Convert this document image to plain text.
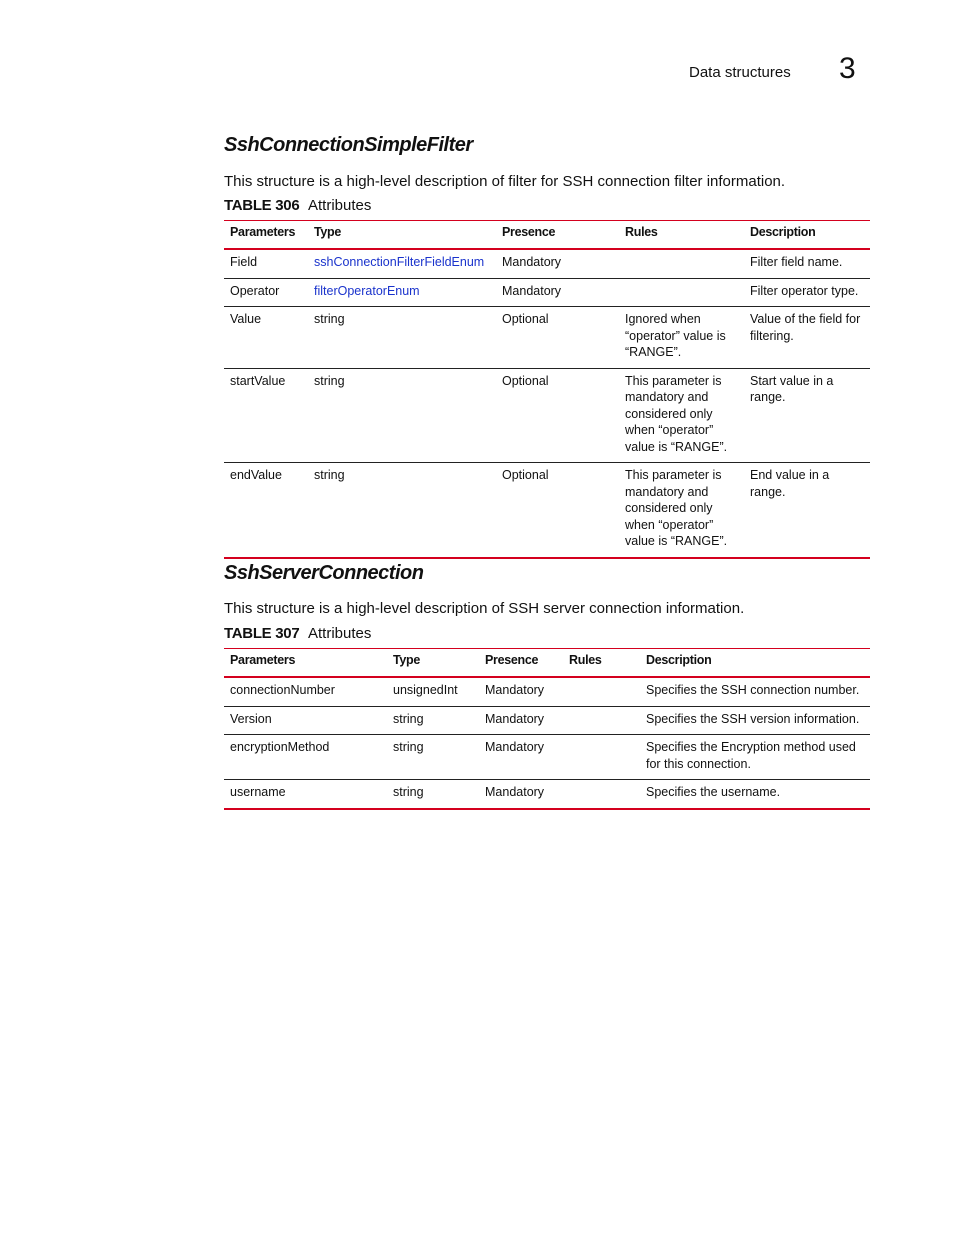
Data structures 3
SshConnectionSimpleFilter
This structure is a high-level description of filter for SSH connection filter information.
TABLE 306 Attributes
Parameters	Type	Presence	Rules	Description
Field	sshConnectionFilterFieldEnum	Mandatory		Filter field name.
Operator	filterOperatorEnum	Mandatory		Filter operator type.
Value	string	Optional	Ignored when “operator” value is “RANGE”.	Value of the field for filtering.
startValue	string	Optional	This parameter is mandatory and considered only when “operator” value is “RANGE”.	Start value in a range.
endValue	string	Optional	This parameter is mandatory and considered only when “operator” value is “RANGE”.	End value in a range.
SshServerConnection
This structure is a high-level description of SSH server connection information.
TABLE 307 Attributes
Parameters	Type	Presence	Rules	Description
connectionNumber	unsignedInt	Mandatory		Specifies the SSH connection number.
Version	string	Mandatory		Specifies the SSH version information.
encryptionMethod	string	Mandatory		Specifies the Encryption method used for this connection.
username	string	Mandatory		Specifies the username.
